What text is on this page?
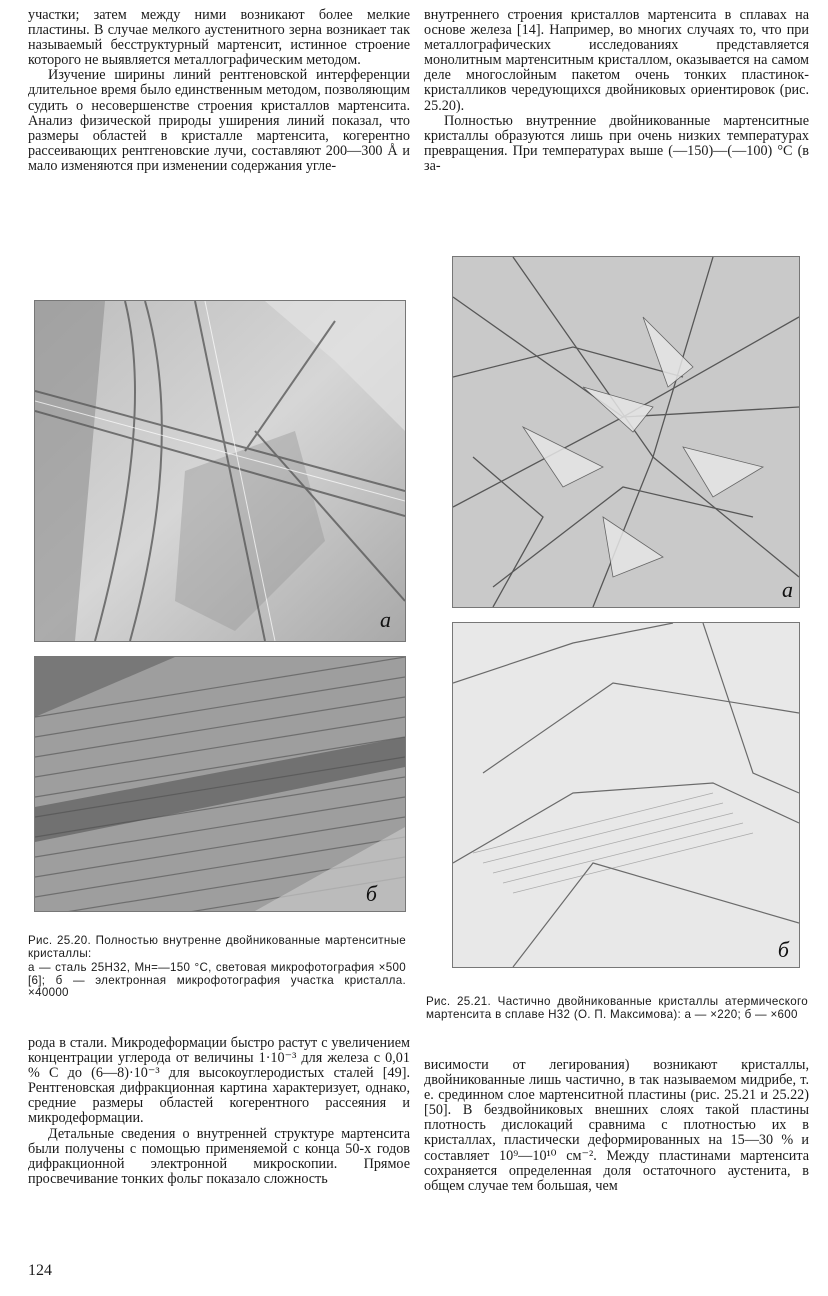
участки; затем между ними возникают более мелкие пластины. В случае мелкого аустенитного зерна возникает так называемый бесструктурный мартенсит, истинное строение которого не выявляется металлографическим методом.

Изучение ширины линий рентгеновской интерференции длительное время было единственным методом, позволяющим судить о несовершенстве строения кристаллов мартенсита. Анализ физической природы уширения линий показал, что размеры областей в кристалле мартенсита, когерентно рассеивающих рентгеновские лучи, составляют 200—300 Å и мало изменяются при изменении содержания угле-

внутреннего строения кристаллов мартенсита в сплавах на основе железа [14]. Например, во многих случаях то, что при металлографических исследованиях представляется монолитным мартенситным кристаллом, оказывается на самом деле многослойным пакетом очень тонких пластинок-кристалликов чередующихся двойниковых ориентировок (рис. 25.20).

Полностью внутренние двойникованные мартенситные кристаллы образуются лишь при очень низких температурах превращения. При температурах выше (—150)—(—100) °С (в за-

а
б

Рис. 25.20. Полностью внутренне двойникованные мартенситные кристаллы:

а — сталь 25Н32, Mн=—150 °С, световая микрофотография ×500 [6]; б — электронная микрофотография участка кристалла. ×40000

а
б

Рис. 25.21. Частично двойникованные кристаллы атермического мартенсита в сплаве Н32 (О. П. Максимова): а — ×220; б — ×600

рода в стали. Микродеформации быстро растут с увеличением концентрации углерода от величины 1·10⁻³ для железа с 0,01 % С до (6—8)·10⁻³ для высокоуглеродистых сталей [49]. Рентгеновская дифракционная картина характеризует, однако, средние размеры областей когерентного рассеяния и микродеформации.

Детальные сведения о внутренней структуре мартенсита были получены с помощью применяемой с конца 50-х годов дифракционной электронной микроскопии. Прямое просвечивание тонких фольг показало сложность

висимости от легирования) возникают кристаллы, двойникованные лишь частично, в так называемом мидрибе, т. е. срединном слое мартенситной пластины (рис. 25.21 и 25.22) [50]. В бездвойниковых внешних слоях такой пластины плотность дислокаций сравнима с плотностью их в кристаллах, пластически деформированных на 15—30 % и составляет 10⁹—10¹⁰ см⁻². Между пластинами мартенсита сохраняется определенная доля остаточного аустенита, в общем случае тем большая, чем

124
